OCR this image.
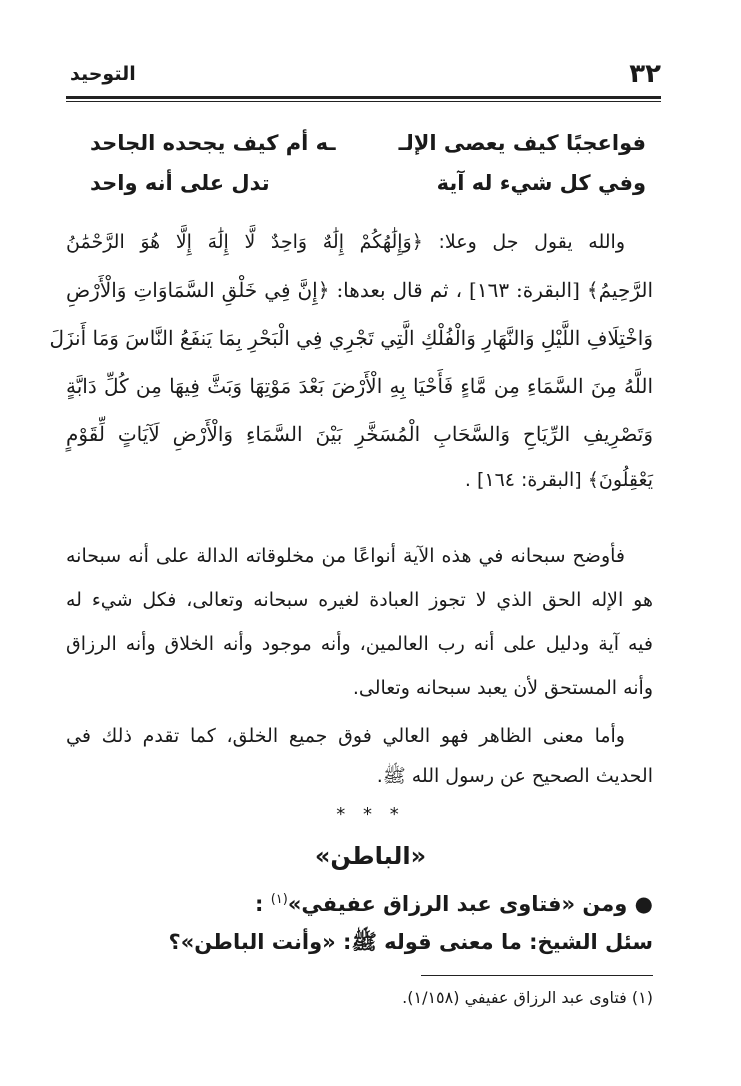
٣٢
التوحيد
فواعجبًا كيف يعصى الإلـ
ـه أم كيف يجحده الجاحد
وفي كل شيء له آية
تدل على أنه واحد
والله يقول جل وعلا: ﴿وَإِلَٰهُكُمْ إِلَٰهٌ وَاحِدٌ لَّا إِلَٰهَ إِلَّا هُوَ الرَّحْمَٰنُ
الرَّحِيمُ﴾ [البقرة: ١٦٣] ، ثم قال بعدها: ﴿إِنَّ فِي خَلْقِ السَّمَاوَاتِ وَالْأَرْضِ
وَاخْتِلَافِ اللَّيْلِ وَالنَّهَارِ وَالْفُلْكِ الَّتِي تَجْرِي فِي الْبَحْرِ بِمَا يَنفَعُ النَّاسَ وَمَا أَنزَلَ
اللَّهُ مِنَ السَّمَاءِ مِن مَّاءٍ فَأَحْيَا بِهِ الْأَرْضَ بَعْدَ مَوْتِهَا وَبَثَّ فِيهَا مِن كُلِّ دَابَّةٍ
وَتَصْرِيفِ الرِّيَاحِ وَالسَّحَابِ الْمُسَخَّرِ بَيْنَ السَّمَاءِ وَالْأَرْضِ لَآيَاتٍ لِّقَوْمٍ
يَعْقِلُونَ﴾ [البقرة: ١٦٤] .
فأوضح سبحانه في هذه الآية أنواعًا من مخلوقاته الدالة على أنه سبحانه
هو الإله الحق الذي لا تجوز العبادة لغيره سبحانه وتعالى، فكل شيء له
فيه آية ودليل على أنه رب العالمين، وأنه موجود وأنه الخلاق وأنه الرزاق
وأنه المستحق لأن يعبد سبحانه وتعالى.
وأما معنى الظاهر فهو العالي فوق جميع الخلق، كما تقدم ذلك في
* * *
«الباطن»
● ومن «فتاوى عبد الرزاق عفيفي»$^{(١)}$ :
سئل الشيخ: ما معنى قوله ﷺ: «وأنت الباطن»؟
(١) فتاوى عبد الرزاق عفيفي (١/١٥٨).
الحديث الصحيح عن رسول الله ﷺ.
